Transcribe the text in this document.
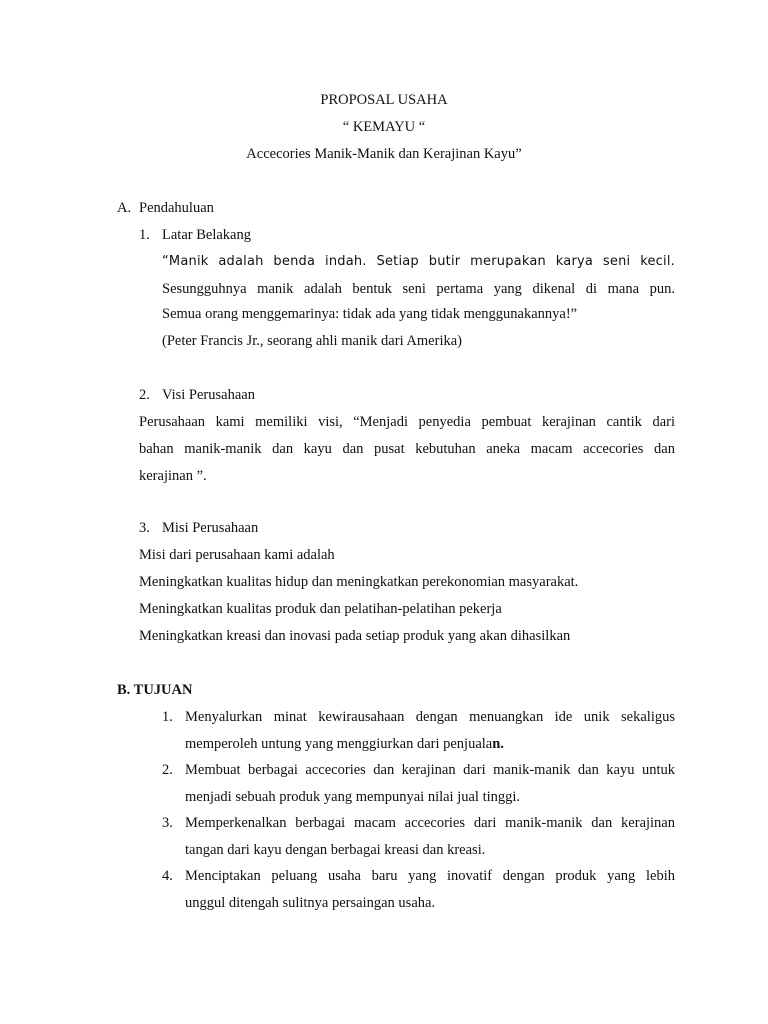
PROPOSAL USAHA
“ KEMAYU “
Accecories Manik-Manik dan Kerajinan Kayu”
A. Pendahuluan
1. Latar Belakang
“Manik adalah benda indah. Setiap butir merupakan karya seni kecil.
Sesungguhnya manik adalah bentuk seni pertama yang dikenal di mana pun.
Semua orang menggemarinya: tidak ada yang tidak menggunakannya!”
(Peter Francis Jr., seorang ahli manik dari Amerika)
2. Visi Perusahaan
Perusahaan kami memiliki visi, “Menjadi penyedia pembuat kerajinan cantik dari
bahan manik-manik dan kayu dan pusat kebutuhan aneka macam accecories dan
kerajinan ”.
3. Misi Perusahaan
Misi dari perusahaan kami adalah
Meningkatkan kualitas hidup dan meningkatkan perekonomian masyarakat.
Meningkatkan kualitas produk dan pelatihan-pelatihan pekerja
Meningkatkan kreasi dan inovasi pada setiap produk yang akan dihasilkan
B. TUJUAN
1. Menyalurkan minat kewirausahaan dengan menuangkan ide unik sekaligus
memperoleh untung yang menggiurkan dari penjualan.
2. Membuat berbagai accecories dan kerajinan dari manik-manik dan kayu untuk
menjadi sebuah produk yang mempunyai nilai jual tinggi.
3. Memperkenalkan berbagai macam accecories dari manik-manik dan kerajinan
tangan dari kayu dengan berbagai kreasi dan kreasi.
4. Menciptakan peluang usaha baru yang inovatif dengan produk yang lebih
unggul ditengah sulitnya persaingan usaha.
